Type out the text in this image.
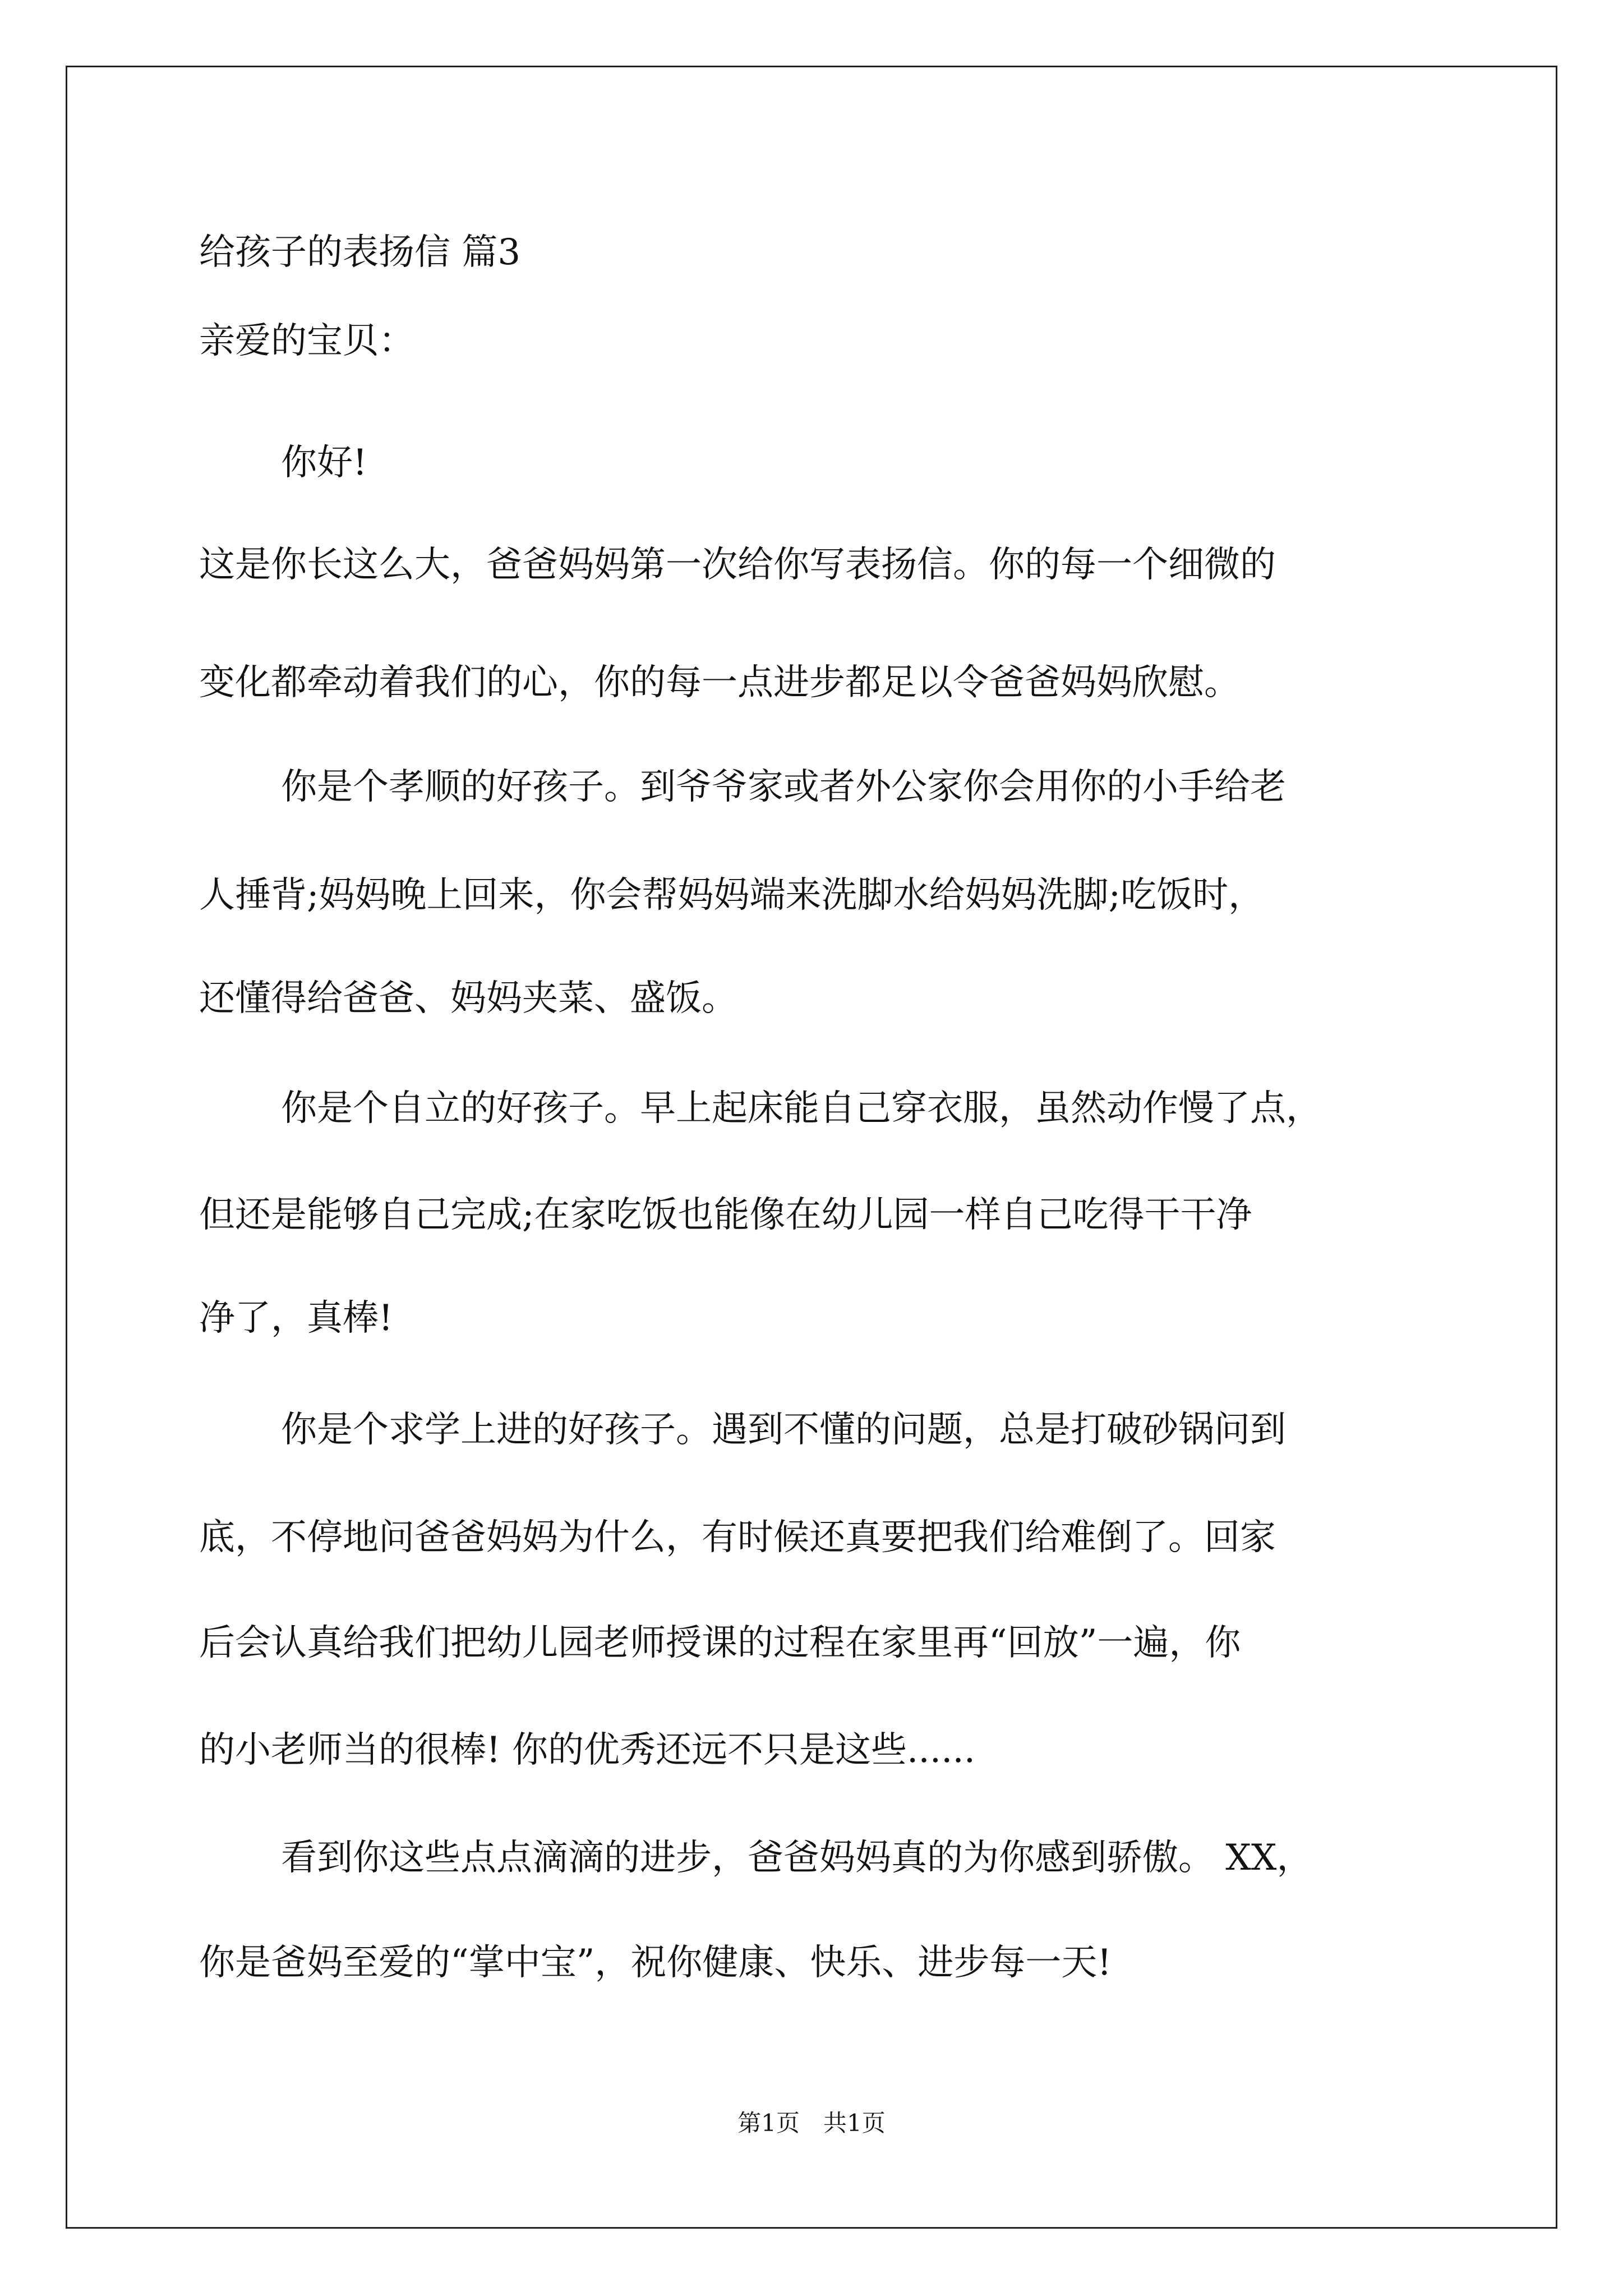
给孩子的表扬信 篇3
亲爱的宝贝：
你好!
这是你长这么大，爸爸妈妈第一次给你写表扬信。你的每一个细微的
变化都牵动着我们的心，你的每一点进步都足以令爸爸妈妈欣慰。
你是个孝顺的好孩子。到爷爷家或者外公家你会用你的小手给老
人捶背;妈妈晚上回来，你会帮妈妈端来洗脚水给妈妈洗脚;吃饭时，
还懂得给爸爸、妈妈夹菜、盛饭。
你是个自立的好孩子。早上起床能自己穿衣服，虽然动作慢了点，
但还是能够自己完成;在家吃饭也能像在幼儿园一样自己吃得干干净
净了，真棒!
你是个求学上进的好孩子。遇到不懂的问题，总是打破砂锅问到
底，不停地问爸爸妈妈为什么，有时候还真要把我们给难倒了。回家
后会认真给我们把幼儿园老师授课的过程在家里再“回放”一遍，你
的小老师当的很棒! 你的优秀还远不只是这些......
看到你这些点点滴滴的进步，爸爸妈妈真的为你感到骄傲。 XX，
你是爸妈至爱的“掌中宝”，祝你健康、快乐、进步每一天!
第1页　共1页
